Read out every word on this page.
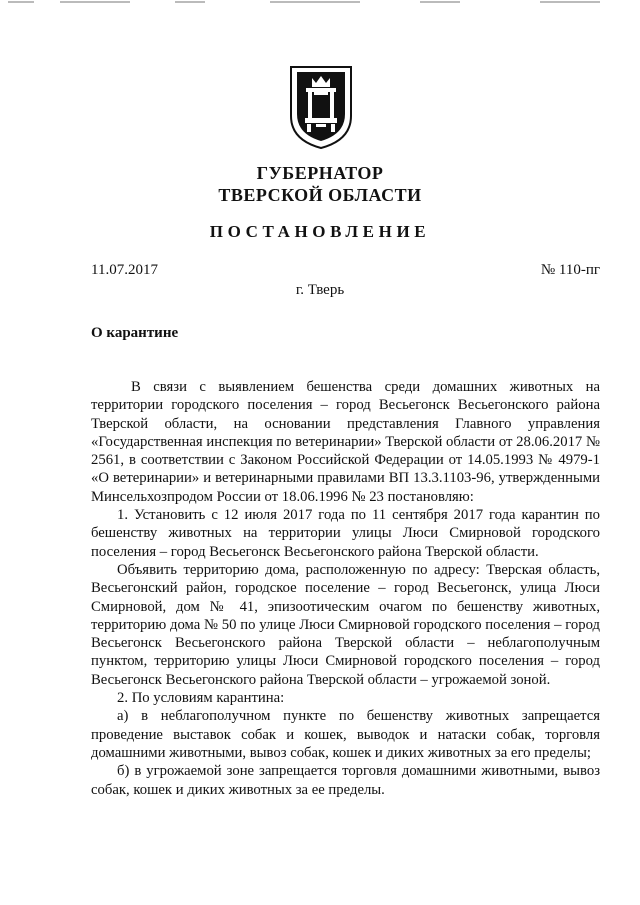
ГУБЕРНАТОР
ТВЕРСКОЙ ОБЛАСТИ
ПОСТАНОВЛЕНИЕ
11.07.2017	№ 110-пг
г. Тверь
О карантине

В связи с выявлением бешенства среди домашних животных на территории городского поселения – город Весьегонск Весьегонского района Тверской области, на основании представления Главного управления «Государственная инспекция по ветеринарии» Тверской области от 28.06.2017 № 2561, в соответствии с Законом Российской Федерации от 14.05.1993 № 4979-1 «О ветеринарии» и ветеринарными правилами ВП 13.3.1103-96, утвержденными Минсельхозпродом России от 18.06.1996 № 23 постановляю:

1. Установить с 12 июля 2017 года по 11 сентября 2017 года карантин по бешенству животных на территории улицы Люси Смирновой городского поселения – город Весьегонск Весьегонского района Тверской области.

Объявить территорию дома, расположенную по адресу: Тверская область, Весьегонский район, городское поселение – город Весьегонск, улица Люси Смирновой, дом № 41, эпизоотическим очагом по бешенству животных, территорию дома № 50 по улице Люси Смирновой городского поселения – город Весьегонск Весьегонского района Тверской области – неблагополучным пунктом, территорию улицы Люси Смирновой городского поселения – город Весьегонск Весьегонского района Тверской области – угрожаемой зоной.

2. По условиям карантина:

а) в неблагополучном пункте по бешенству животных запрещается проведение выставок собак и кошек, выводок и натаски собак, торговля домашними животными, вывоз собак, кошек и диких животных за его пределы;

б) в угрожаемой зоне запрещается торговля домашними животными, вывоз собак, кошек и диких животных за ее пределы.
